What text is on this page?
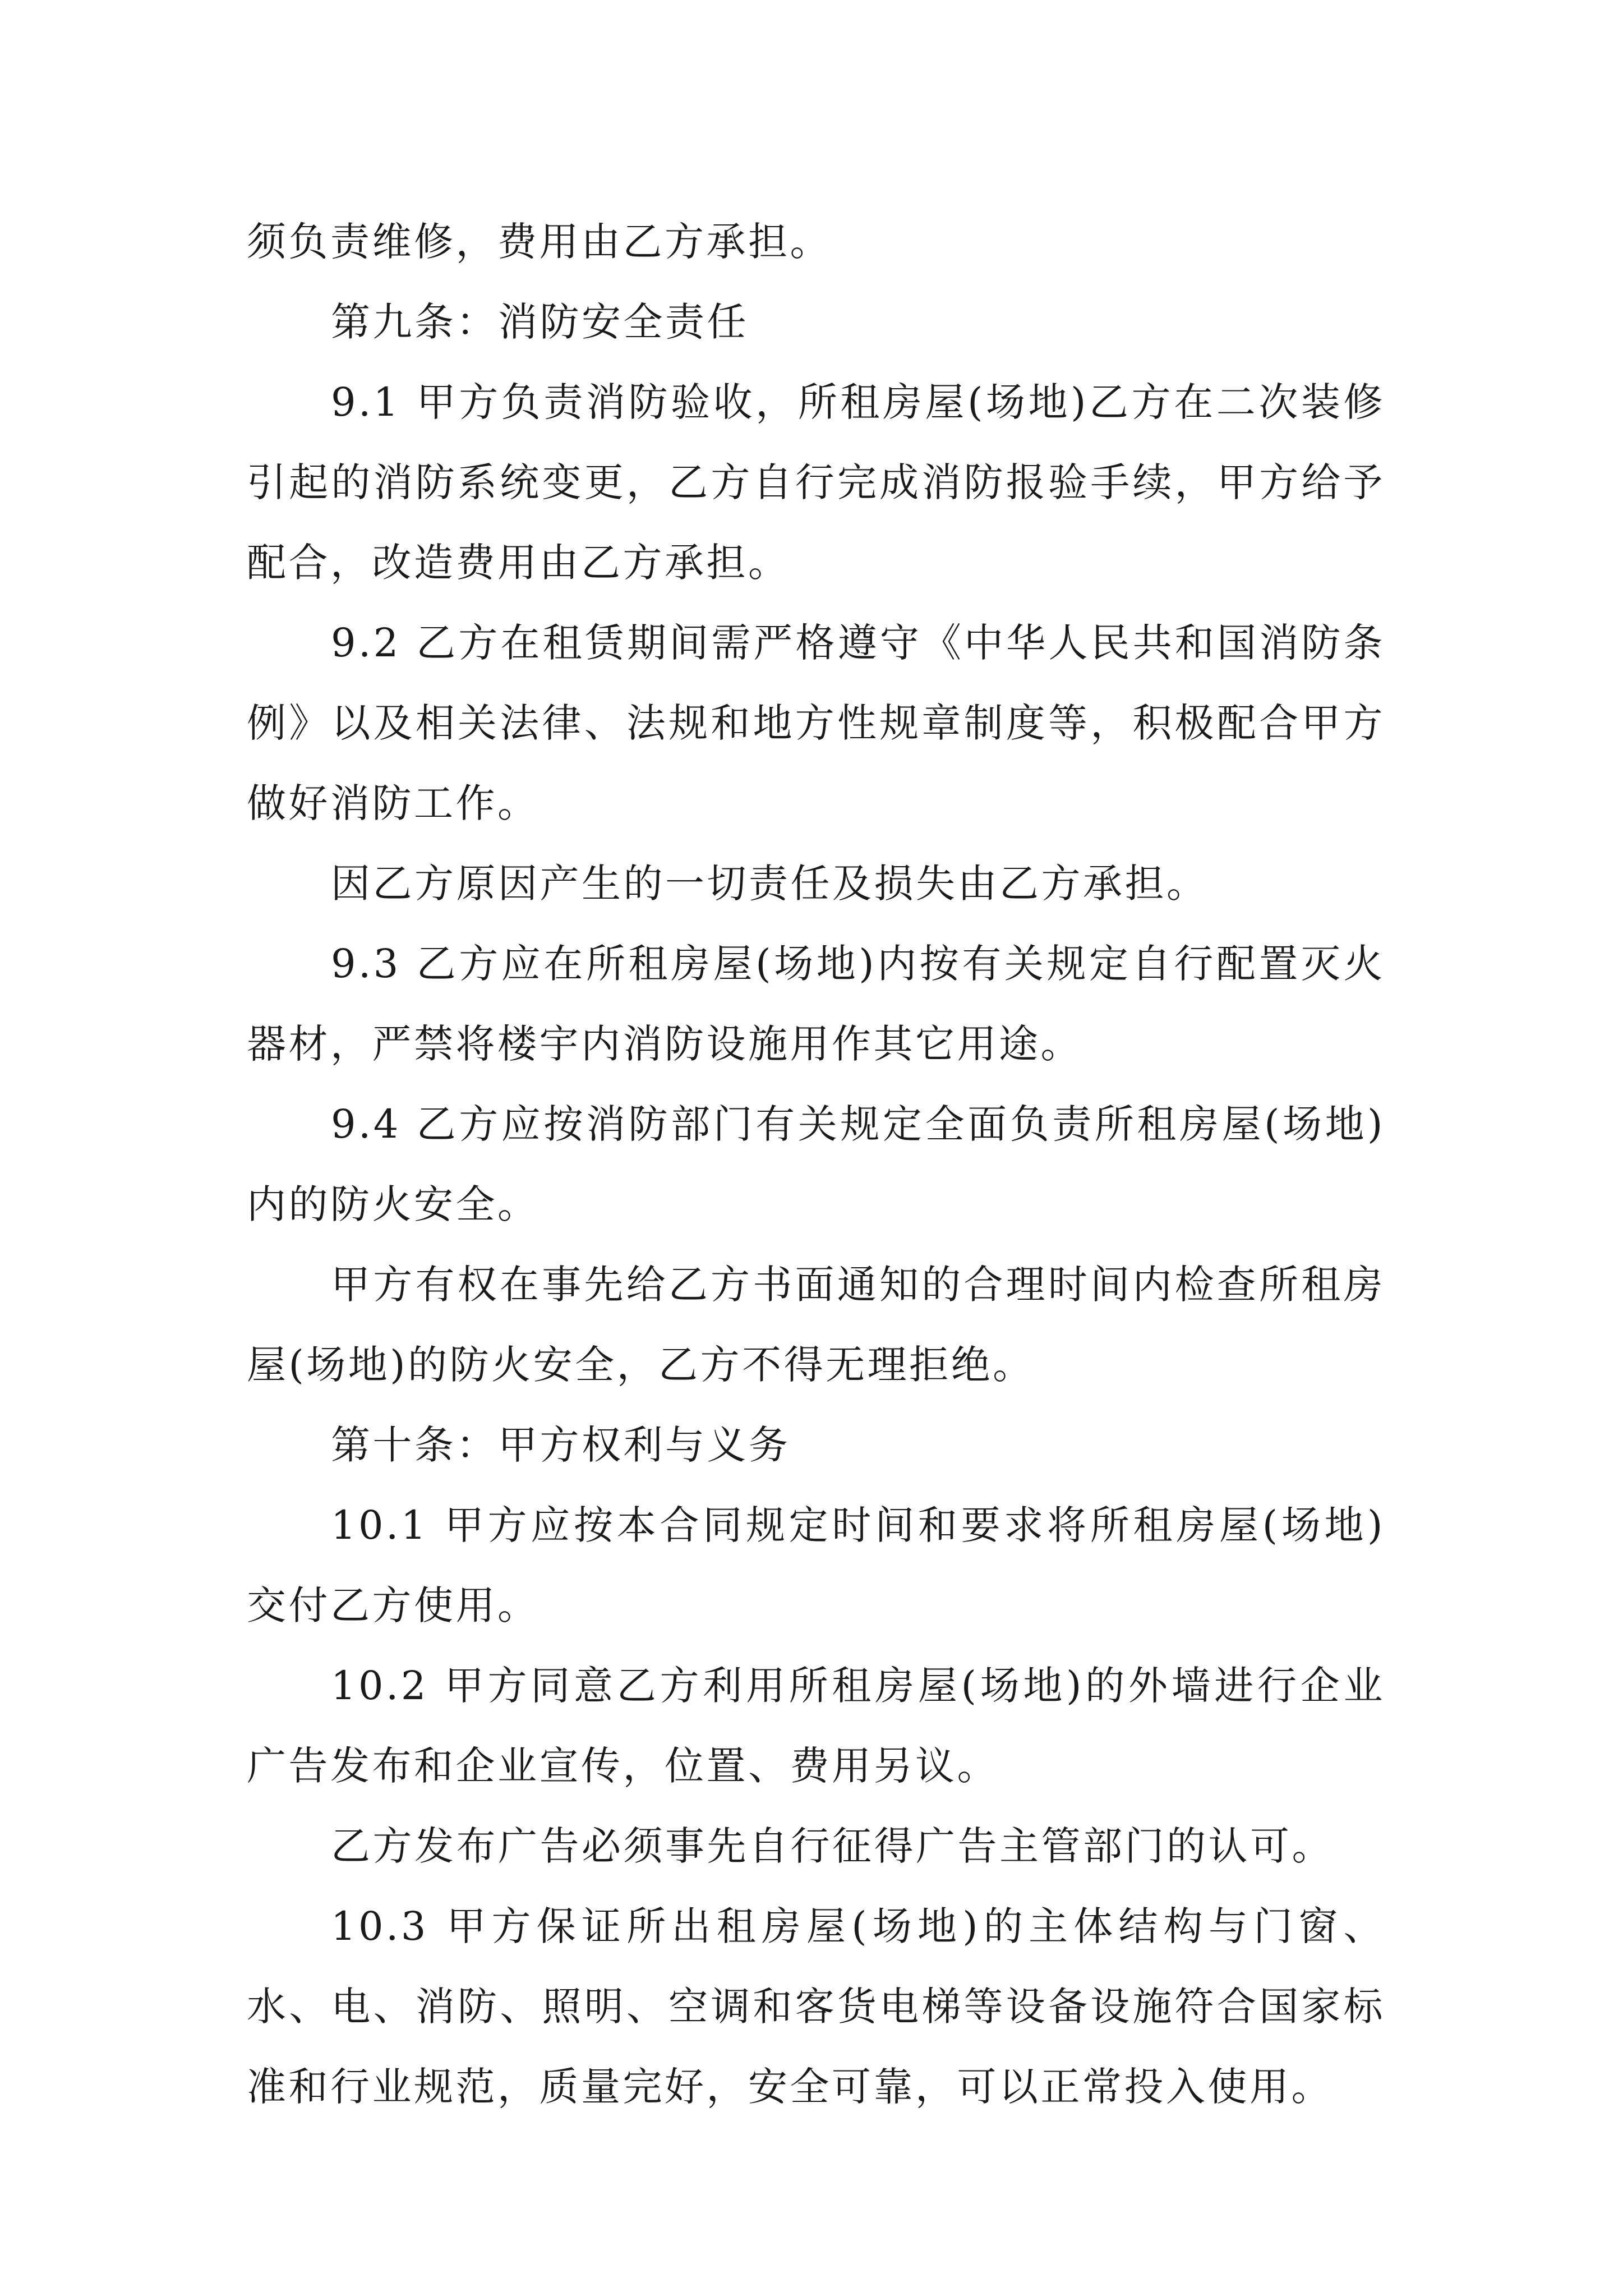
须负责维修，费用由乙方承担。

第九条：消防安全责任

9.1 甲方负责消防验收，所租房屋(场地)乙方在二次装修引起的消防系统变更，乙方自行完成消防报验手续，甲方给予配合，改造费用由乙方承担。

9.2 乙方在租赁期间需严格遵守《中华人民共和国消防条例》以及相关法律、法规和地方性规章制度等，积极配合甲方做好消防工作。

因乙方原因产生的一切责任及损失由乙方承担。

9.3 乙方应在所租房屋(场地)内按有关规定自行配置灭火器材，严禁将楼宇内消防设施用作其它用途。

9.4 乙方应按消防部门有关规定全面负责所租房屋(场地)内的防火安全。

甲方有权在事先给乙方书面通知的合理时间内检查所租房屋(场地)的防火安全，乙方不得无理拒绝。

第十条：甲方权利与义务

10.1 甲方应按本合同规定时间和要求将所租房屋(场地)交付乙方使用。

10.2 甲方同意乙方利用所租房屋(场地)的外墙进行企业广告发布和企业宣传，位置、费用另议。

乙方发布广告必须事先自行征得广告主管部门的认可。

10.3 甲方保证所出租房屋(场地)的主体结构与门窗、水、电、消防、照明、空调和客货电梯等设备设施符合国家标准和行业规范，质量完好，安全可靠，可以正常投入使用。
